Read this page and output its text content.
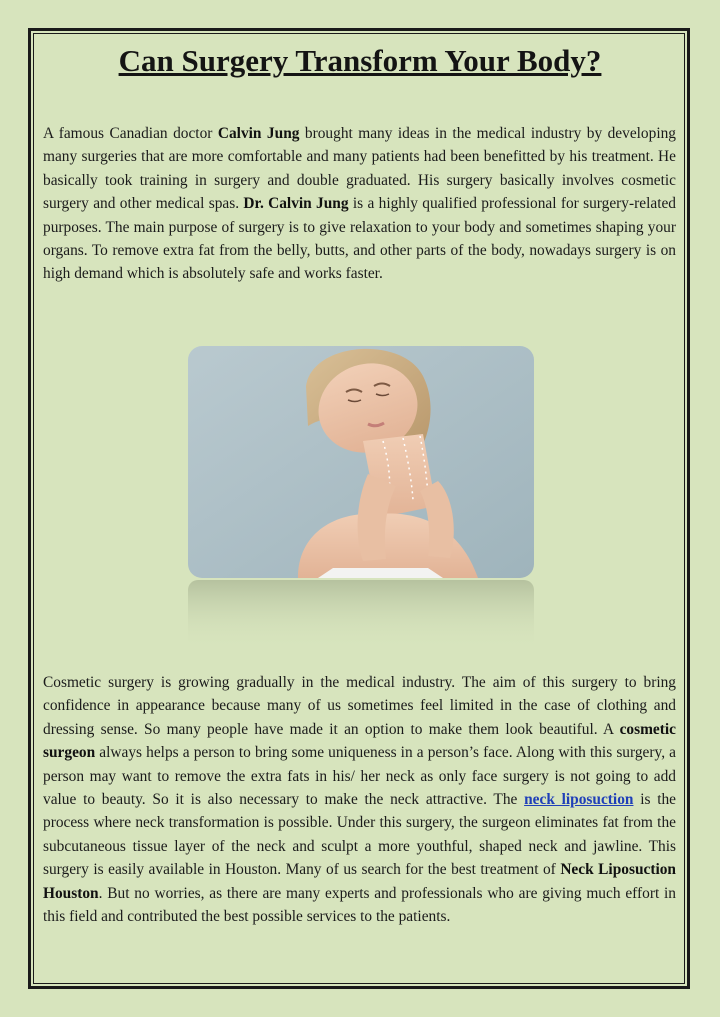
Can Surgery Transform Your Body?

A famous Canadian doctor Calvin Jung brought many ideas in the medical industry by developing many surgeries that are more comfortable and many patients had been benefitted by his treatment. He basically took training in surgery and double graduated. His surgery basically involves cosmetic surgery and other medical spas. Dr. Calvin Jung is a highly qualified professional for surgery-related purposes. The main purpose of surgery is to give relaxation to your body and sometimes shaping your organs. To remove extra fat from the belly, butts, and other parts of the body, nowadays surgery is on high demand which is absolutely safe and works faster.

Cosmetic surgery is growing gradually in the medical industry. The aim of this surgery to bring confidence in appearance because many of us sometimes feel limited in the case of clothing and dressing sense. So many people have made it an option to make them look beautiful. A cosmetic surgeon always helps a person to bring some uniqueness in a person’s face. Along with this surgery, a person may want to remove the extra fats in his/ her neck as only face surgery is not going to add value to beauty. So it is also necessary to make the neck attractive. The neck liposuction is the process where neck transformation is possible. Under this surgery, the surgeon eliminates fat from the subcutaneous tissue layer of the neck and sculpt a more youthful, shaped neck and jawline. This surgery is easily available in Houston. Many of us search for the best treatment of Neck Liposuction Houston. But no worries, as there are many experts and professionals who are giving much effort in this field and contributed the best possible services to the patients.
